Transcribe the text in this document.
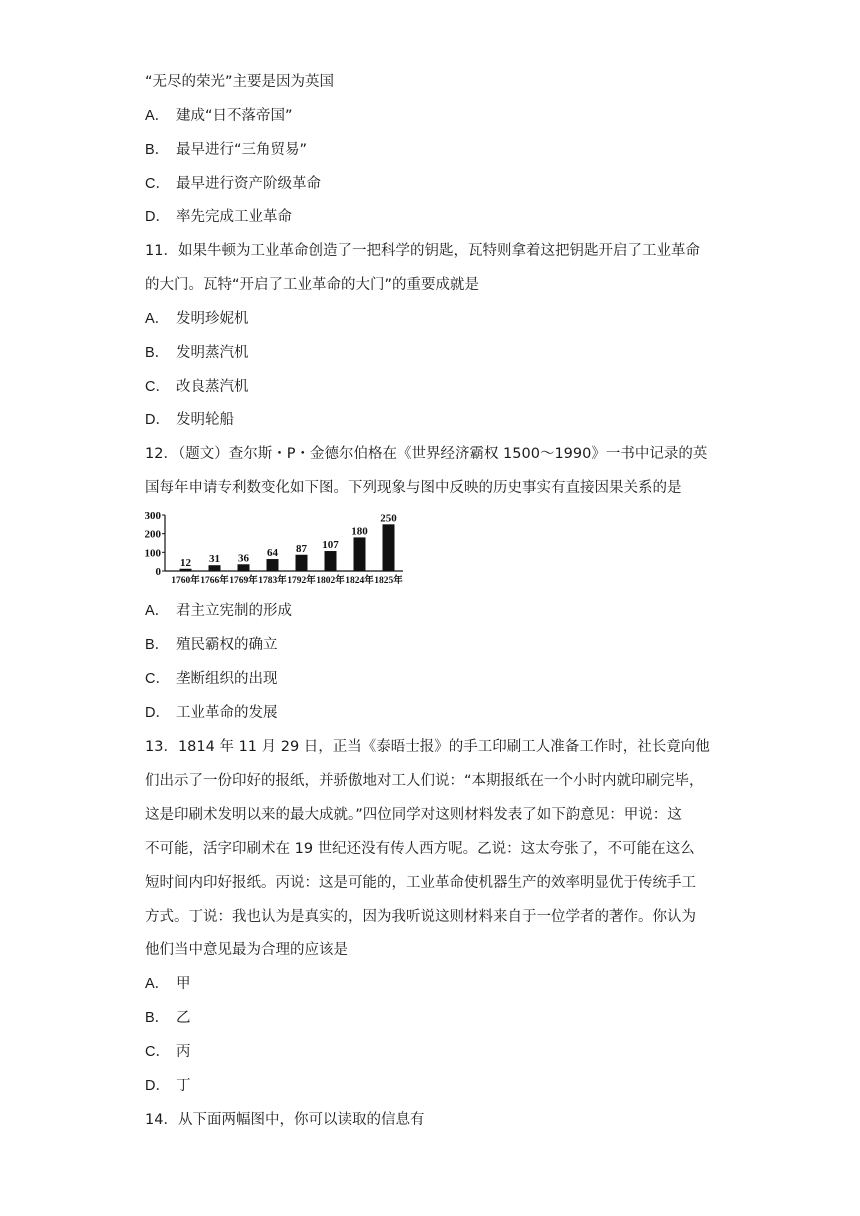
“无尽的荣光”主要是因为英国
A． 建成“日不落帝国”
B． 最早进行“三角贸易”
C． 最早进行资产阶级革命
D． 率先完成工业革命
11．如果牛顿为工业革命创造了一把科学的钥匙，瓦特则拿着这把钥匙开启了工业革命
的大门。瓦特“开启了工业革命的大门”的重要成就是
A． 发明珍妮机
B． 发明蒸汽机
C． 改良蒸汽机
D． 发明轮船
12．（题文）查尔斯・P・金德尔伯格在《世界经济霸权 1500～1990》一书中记录的英
国每年申请专利数变化如下图。下列现象与图中反映的历史事实有直接因果关系的是
0
100
200
300
12
1760年
31
1766年
36
1769年
64
1783年
87
1792年
107
1802年
180
1824年
250
1825年
A． 君主立宪制的形成
B． 殖民霸权的确立
C． 垄断组织的出现
D． 工业革命的发展
13．1814 年 11 月 29 日，正当《泰晤士报》的手工印刷工人准备工作时，社长竟向他
们出示了一份印好的报纸，并骄傲地对工人们说：“本期报纸在一个小时内就印刷完毕，
这是印刷术发明以来的最大成就。”四位同学对这则材料发表了如下韵意见：甲说：这
不可能，活字印刷术在 19 世纪还没有传人西方呢。乙说：这太夸张了，不可能在这么
短时间内印好报纸。丙说：这是可能的，工业革命使机器生产的效率明显优于传统手工
方式。丁说：我也认为是真实的，因为我听说这则材料来自于一位学者的著作。你认为
他们当中意见最为合理的应该是
A． 甲
B． 乙
C． 丙
D． 丁
14．从下面两幅图中，你可以读取的信息有
